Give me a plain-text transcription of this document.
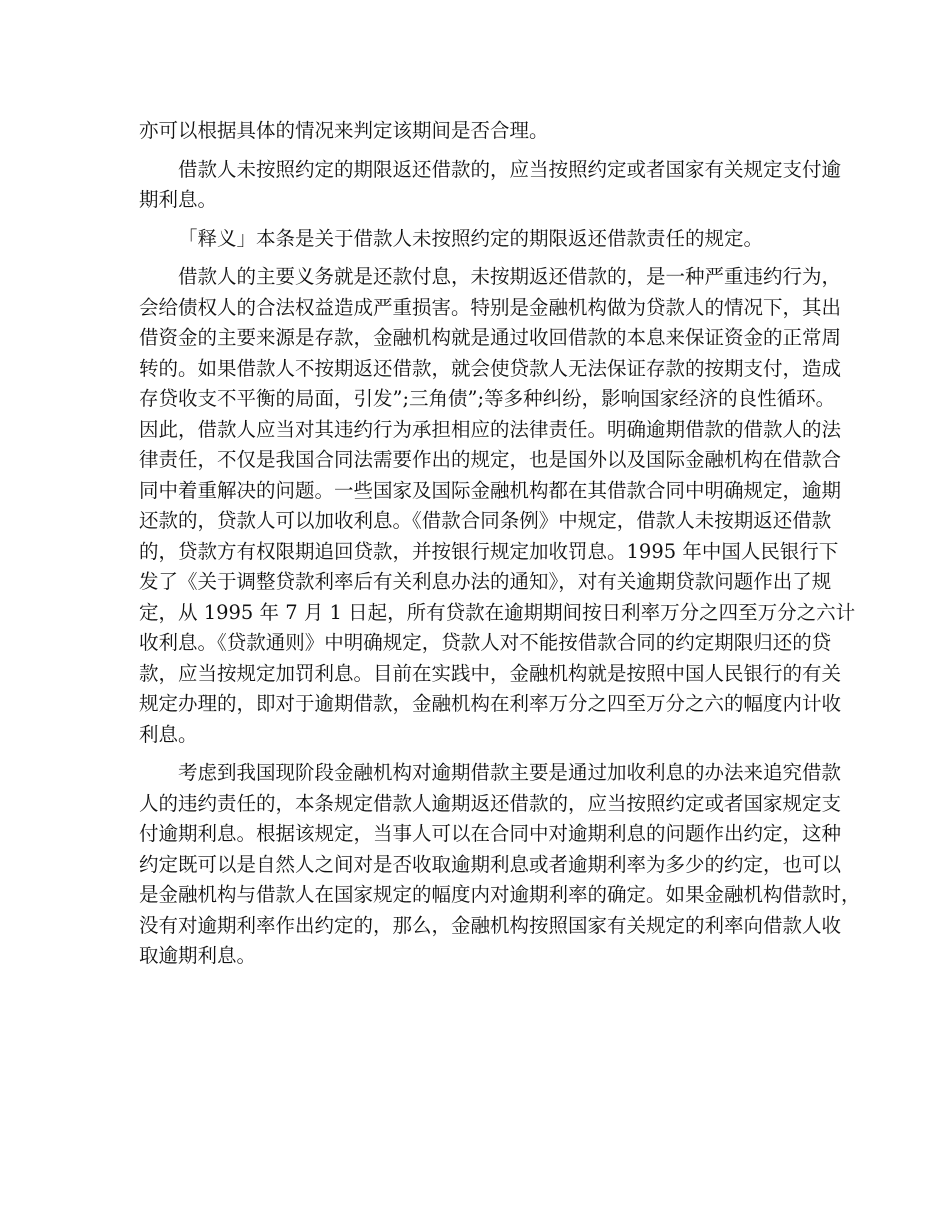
亦可以根据具体的情况来判定该期间是否合理。
借款人未按照约定的期限返还借款的，应当按照约定或者国家有关规定支付逾
期利息。
「释义」本条是关于借款人未按照约定的期限返还借款责任的规定。
借款人的主要义务就是还款付息，未按期返还借款的，是一种严重违约行为，
会给债权人的合法权益造成严重损害。特别是金融机构做为贷款人的情况下，其出
借资金的主要来源是存款，金融机构就是通过收回借款的本息来保证资金的正常周
转的。如果借款人不按期返还借款，就会使贷款人无法保证存款的按期支付，造成
存贷收支不平衡的局面，引发”;三角债”;等多种纠纷，影响国家经济的良性循环。
因此，借款人应当对其违约行为承担相应的法律责任。明确逾期借款的借款人的法
律责任，不仅是我国合同法需要作出的规定，也是国外以及国际金融机构在借款合
同中着重解决的问题。一些国家及国际金融机构都在其借款合同中明确规定，逾期
还款的，贷款人可以加收利息。《借款合同条例》中规定，借款人未按期返还借款
的，贷款方有权限期追回贷款，并按银行规定加收罚息。1995 年中国人民银行下
发了《关于调整贷款利率后有关利息办法的通知》，对有关逾期贷款问题作出了规
定，从 1995 年 7 月 1 日起，所有贷款在逾期期间按日利率万分之四至万分之六计
收利息。《贷款通则》中明确规定，贷款人对不能按借款合同的约定期限归还的贷
款，应当按规定加罚利息。目前在实践中，金融机构就是按照中国人民银行的有关
规定办理的，即对于逾期借款，金融机构在利率万分之四至万分之六的幅度内计收
利息。
考虑到我国现阶段金融机构对逾期借款主要是通过加收利息的办法来追究借款
人的违约责任的，本条规定借款人逾期返还借款的，应当按照约定或者国家规定支
付逾期利息。根据该规定，当事人可以在合同中对逾期利息的问题作出约定，这种
约定既可以是自然人之间对是否收取逾期利息或者逾期利率为多少的约定，也可以
是金融机构与借款人在国家规定的幅度内对逾期利率的确定。如果金融机构借款时，
没有对逾期利率作出约定的，那么，金融机构按照国家有关规定的利率向借款人收
取逾期利息。
